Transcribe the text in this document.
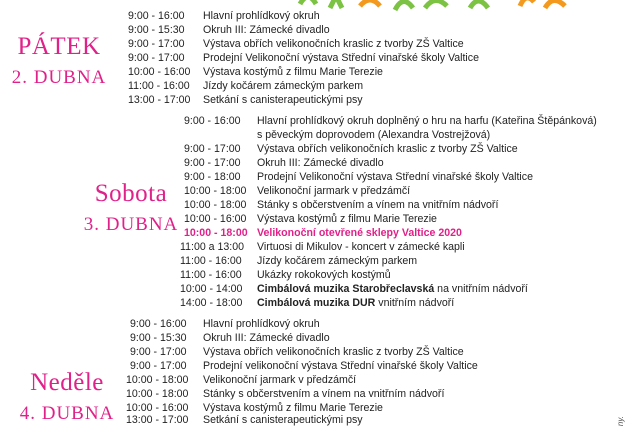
PÁTEK
2. DUBNA
Sobota
3. DUBNA
Neděle
4. DUBNA
9:00 - 16:00 Hlavní prohlídkový okruh
9:00 - 15:30 Okruh III: Zámecké divadlo
9:00 - 17:00 Výstava obřích velikonočních kraslic z tvorby ZŠ Valtice
9:00 - 17:00 Prodejní Velikonoční výstava Střední vinařské školy Valtice
10:00 - 16:00 Výstava kostýmů z filmu Marie Terezie
11:00 - 16:00 Jízdy kočárem zámeckým parkem
13:00 - 17:00 Setkání s canisterapeutickými psy
9:00 - 16:00 Hlavní prohlídkový okruh doplněný o hru na harfu (Kateřina Štěpánková)
s pěveckým doprovodem (Alexandra Vostrejžová)
9:00 - 17:00 Výstava obřích velikonočních kraslic z tvorby ZŠ Valtice
9:00 - 17:00 Okruh III: Zámecké divadlo
9:00 - 18:00 Prodejní Velikonoční výstava Střední vinařské školy Valtice
10:00 - 18:00 Velikonoční jarmark v předzámčí
10:00 - 18:00 Stánky s občerstvením a vínem na vnitřním nádvoří
10:00 - 16:00 Výstava kostýmů z filmu Marie Terezie
10:00 - 18:00 Velikonoční otevřené sklepy Valtice 2020
11:00 a 13:00 Virtuosi di Mikulov - koncert v zámecké kapli
11:00 - 16:00 Jízdy kočárem zámeckým parkem
11:00 - 16:00 Ukázky rokokových kostýmů
10:00 - 14:00 Cimbálová muzika Starobřeclavská na vnitřním nádvoří
14:00 - 18:00 Cimbálová muzika DUR vnitřním nádvoří
9:00 - 16:00 Hlavní prohlídkový okruh
9:00 - 15:30 Okruh III: Zámecké divadlo
9:00 - 17:00 Výstava obřích velikonočních kraslic z tvorby ZŠ Valtice
9:00 - 17:00 Prodejní velikonoční výstava Střední vinařské školy Valtice
10:00 - 18:00 Velikonoční jarmark v předzámčí
10:00 - 18:00 Stánky s občerstvením a vínem na vnitřním nádvoří
10:00 - 16:00 Výstava kostýmů z filmu Marie Terezie
13:00 - 17:00 Setkání s canisterapeutickými psy	ny.
